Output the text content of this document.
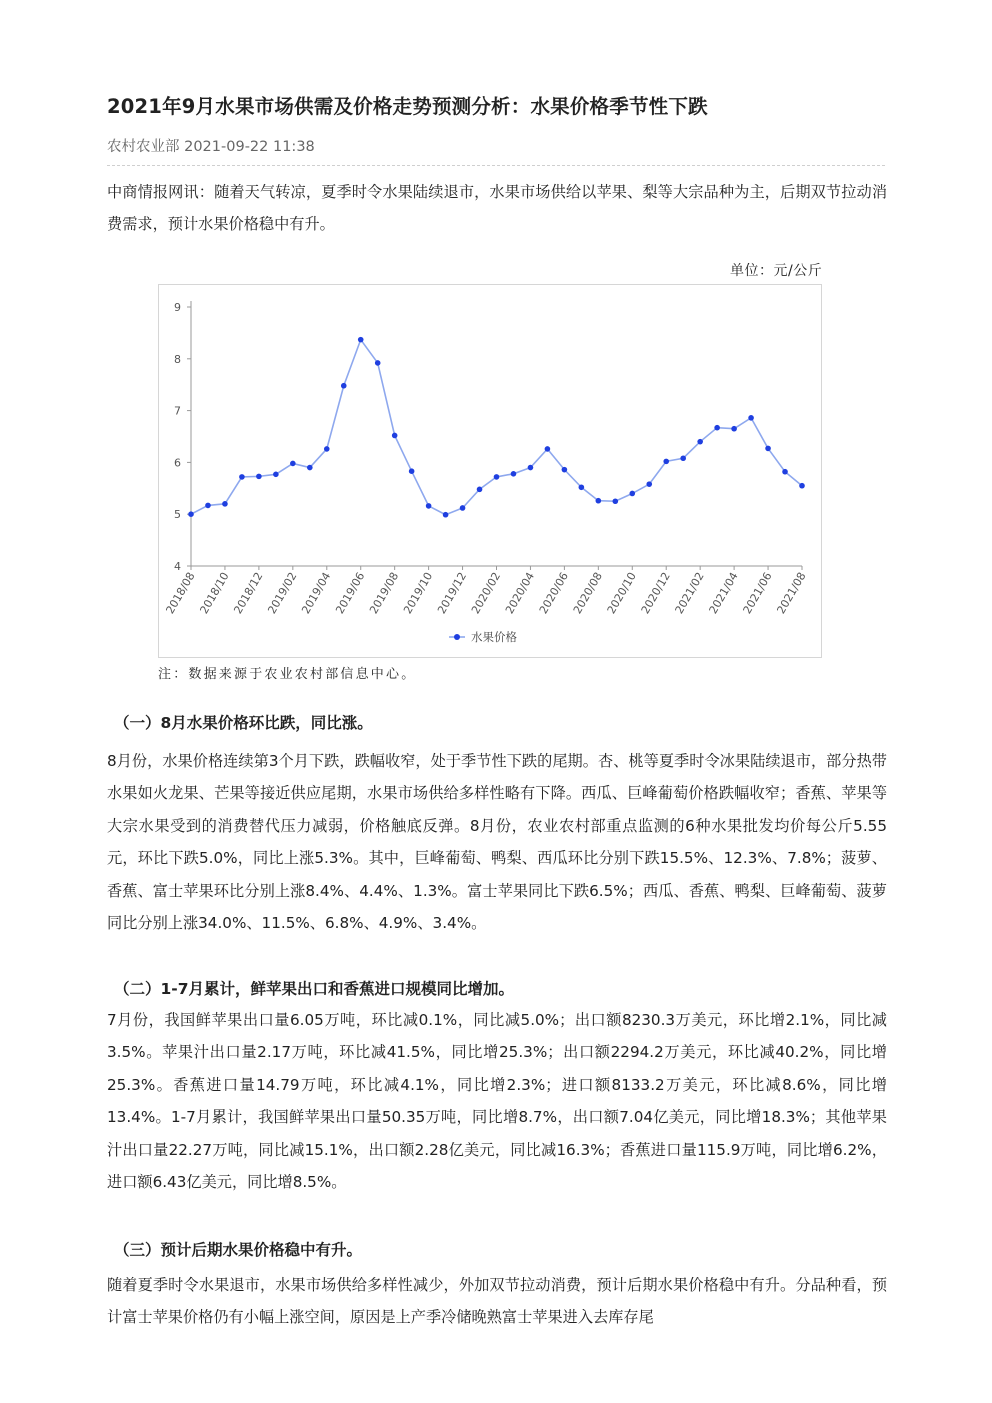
2021年9月水果市场供需及价格走势预测分析：水果价格季节性下跌
农村农业部 2021-09-22 11:38

中商情报网讯：随着天气转凉，夏季时令水果陆续退市，水果市场供给以苹果、梨等大宗品种为主，后期双节拉动消费需求，预计水果价格稳中有升。

单位：元/公斤
4
5
6
7
8
9
2018/08 2018/10 2018/12 2019/02 2019/04 2019/06 2019/08 2019/10 2019/12 2020/02 2020/04 2020/06 2020/08 2020/10 2020/12 2021/02 2021/04 2021/06 2021/08
水果价格
注：数据来源于农业农村部信息中心。
（一）8月水果价格环比跌，同比涨。

8月份，水果价格连续第3个月下跌，跌幅收窄，处于季节性下跌的尾期。杏、桃等夏季时令冰果陆续退市，部分热带水果如火龙果、芒果等接近供应尾期，水果市场供给多样性略有下降。西瓜、巨峰葡萄价格跌幅收窄；香蕉、苹果等大宗水果受到的消费替代压力减弱，价格触底反弹。8月份，农业农村部重点监测的6种水果批发均价每公斤5.55元，环比下跌5.0%，同比上涨5.3%。其中，巨峰葡萄、鸭梨、西瓜环比分别下跌15.5%、12.3%、7.8%；菠萝、香蕉、富士苹果环比分别上涨8.4%、4.4%、1.3%。富士苹果同比下跌6.5%；西瓜、香蕉、鸭梨、巨峰葡萄、菠萝同比分别上涨34.0%、11.5%、6.8%、4.9%、3.4%。

（二）1-7月累计，鲜苹果出口和香蕉进口规模同比增加。

7月份，我国鲜苹果出口量6.05万吨，环比减0.1%，同比减5.0%；出口额8230.3万美元，环比增2.1%，同比减3.5%。苹果汁出口量2.17万吨，环比减41.5%，同比增25.3%；出口额2294.2万美元，环比减40.2%，同比增25.3%。香蕉进口量14.79万吨，环比减4.1%，同比增2.3%；进口额8133.2万美元，环比减8.6%，同比增13.4%。1-7月累计，我国鲜苹果出口量50.35万吨，同比增8.7%，出口额7.04亿美元，同比增18.3%；其他苹果汁出口量22.27万吨，同比减15.1%，出口额2.28亿美元，同比减16.3%；香蕉进口量115.9万吨，同比增6.2%，进口额6.43亿美元，同比增8.5%。

（三）预计后期水果价格稳中有升。

随着夏季时令水果退市，水果市场供给多样性减少，外加双节拉动消费，预计后期水果价格稳中有升。分品种看，预计富士苹果价格仍有小幅上涨空间，原因是上产季冷储晚熟富士苹果进入去库存尾
